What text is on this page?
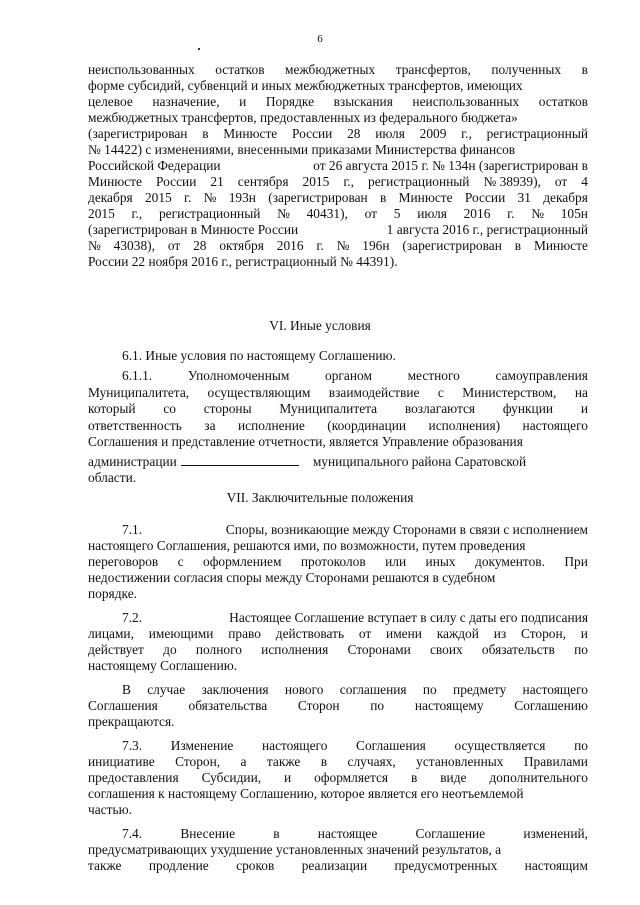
6
неиспользованных остатков межбюджетных трансфертов, полученных в
форме субсидий, субвенций и иных межбюджетных трансфертов, имеющих
целевое назначение, и Порядке взыскания неиспользованных остатков
межбюджетных трансфертов, предоставленных из федерального бюджета»
(зарегистрирован в Минюсте России 28 июля 2009 г., регистрационный
№ 14422) с изменениями, внесенными приказами Министерства финансов
Российской Федерации	от 26 августа 2015 г. № 134н (зарегистрирован в
Минюсте России 21 сентября 2015 г., регистрационный № 38939), от 4
декабря 2015 г. № 193н (зарегистрирован в Минюсте России 31 декабря
2015 г., регистрационный № 40431), от 5 июля 2016 г. № 105н
(зарегистрирован в Минюсте России	1 августа 2016 г., регистрационный
№ 43038), от 28 октября 2016 г. № 196н (зарегистрирован в Минюсте
России 22 ноября 2016 г., регистрационный № 44391).
VI. Иные условия
6.1. Иные условия по настоящему Соглашению.
6.1.1.	Уполномоченным	органом	местного	самоуправления
Муниципалитета, осуществляющим взаимодействие с Министерством, на
который со стороны Муниципалитета возлагаются функции и
ответственность за исполнение (координации исполнения) настоящего
Соглашения и представление отчетности, является Управление образования
администрации	муниципального района Саратовской
области.
VII. Заключительные положения
7.1.	Споры, возникающие между Сторонами в связи с исполнением
настоящего Соглашения, решаются ими, по возможности, путем проведения
переговоров с оформлением протоколов или иных документов. При
недостижении согласия споры между Сторонами решаются в судебном
порядке.
7.2.	Настоящее Соглашение вступает в силу с даты его подписания
лицами, имеющими право действовать от имени каждой из Сторон, и
действует до полного исполнения Сторонами своих обязательств по
настоящему Соглашению.
В случае заключения нового соглашения по предмету настоящего
Соглашения обязательства Сторон по настоящему Соглашению
прекращаются.
7.3. Изменение настоящего Соглашения осуществляется по
инициативе Сторон, а также в случаях, установленных Правилами
предоставления Субсидии, и оформляется в виде дополнительного
соглашения к настоящему Соглашению, которое является его неотъемлемой
частью.
7.4.	Внесение	в	настоящее	Соглашение	изменений,
предусматривающих ухудшение установленных значений результатов, а
также продление сроков реализации предусмотренных настоящим
